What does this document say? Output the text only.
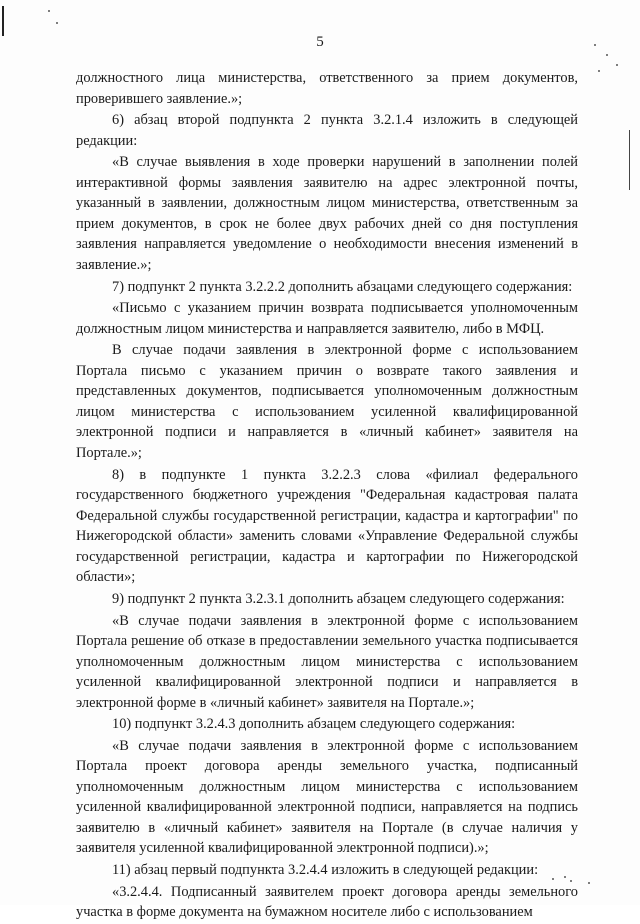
5

должностного лица министерства, ответственного за прием документов, проверившего заявление.»;

6) абзац второй подпункта 2 пункта 3.2.1.4 изложить в следующей редакции:

«В случае выявления в ходе проверки нарушений в заполнении полей интерактивной формы заявления заявителю на адрес электронной почты, указанный в заявлении, должностным лицом министерства, ответственным за прием документов, в срок не более двух рабочих дней со дня поступления заявления направляется уведомление о необходимости внесения изменений в заявление.»;

7) подпункт 2 пункта 3.2.2.2 дополнить абзацами следующего содержания:

«Письмо с указанием причин возврата подписывается уполномоченным должностным лицом министерства и направляется заявителю, либо в МФЦ.

В случае подачи заявления в электронной форме с использованием Портала письмо с указанием причин о возврате такого заявления и представленных документов, подписывается уполномоченным должностным лицом министерства с использованием усиленной квалифицированной электронной подписи и направляется в «личный кабинет» заявителя на Портале.»;

8) в подпункте 1 пункта 3.2.2.3 слова «филиал федерального государственного бюджетного учреждения "Федеральная кадастровая палата Федеральной службы государственной регистрации, кадастра и картографии" по Нижегородской области» заменить словами «Управление Федеральной службы государственной регистрации, кадастра и картографии по Нижегородской области»;

9) подпункт 2 пункта 3.2.3.1 дополнить абзацем следующего содержания:

«В случае подачи заявления в электронной форме с использованием Портала решение об отказе в предоставлении земельного участка подписывается уполномоченным должностным лицом министерства с использованием усиленной квалифицированной электронной подписи и направляется в электронной форме в «личный кабинет» заявителя на Портале.»;

10) подпункт 3.2.4.3 дополнить абзацем следующего содержания:

«В случае подачи заявления в электронной форме с использованием Портала проект договора аренды земельного участка, подписанный уполномоченным должностным лицом министерства с использованием усиленной квалифицированной электронной подписи, направляется на подпись заявителю в «личный кабинет» заявителя на Портале (в случае наличия у заявителя усиленной квалифицированной электронной подписи).»;

11) абзац первый подпункта 3.2.4.4 изложить в следующей редакции:

«3.2.4.4. Подписанный заявителем проект договора аренды земельного участка в форме документа на бумажном носителе либо с использованием
